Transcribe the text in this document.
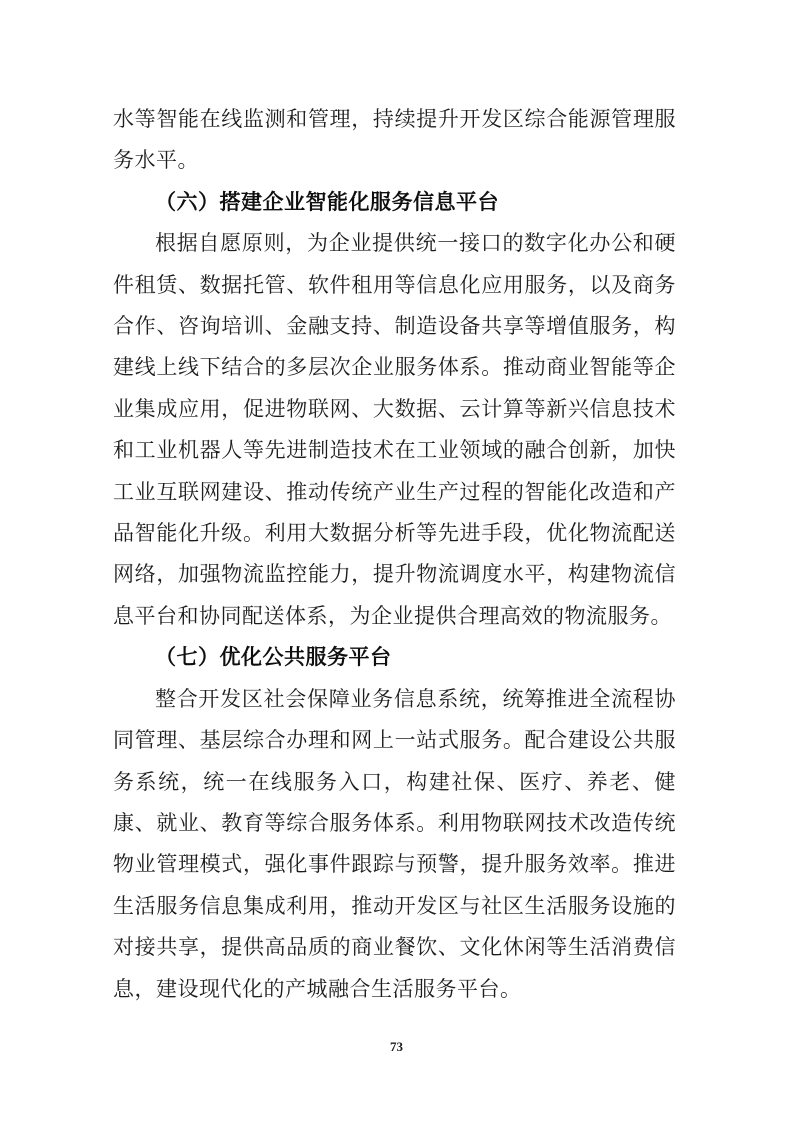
水等智能在线监测和管理，持续提升开发区综合能源管理服务水平。

（六）搭建企业智能化服务信息平台

根据自愿原则，为企业提供统一接口的数字化办公和硬件租赁、数据托管、软件租用等信息化应用服务，以及商务合作、咨询培训、金融支持、制造设备共享等增值服务，构建线上线下结合的多层次企业服务体系。推动商业智能等企业集成应用，促进物联网、大数据、云计算等新兴信息技术和工业机器人等先进制造技术在工业领域的融合创新，加快工业互联网建设、推动传统产业生产过程的智能化改造和产品智能化升级。利用大数据分析等先进手段，优化物流配送网络，加强物流监控能力，提升物流调度水平，构建物流信息平台和协同配送体系，为企业提供合理高效的物流服务。

（七）优化公共服务平台

整合开发区社会保障业务信息系统，统筹推进全流程协同管理、基层综合办理和网上一站式服务。配合建设公共服务系统，统一在线服务入口，构建社保、医疗、养老、健康、就业、教育等综合服务体系。利用物联网技术改造传统物业管理模式，强化事件跟踪与预警，提升服务效率。推进生活服务信息集成利用，推动开发区与社区生活服务设施的对接共享，提供高品质的商业餐饮、文化休闲等生活消费信息，建设现代化的产城融合生活服务平台。

73
